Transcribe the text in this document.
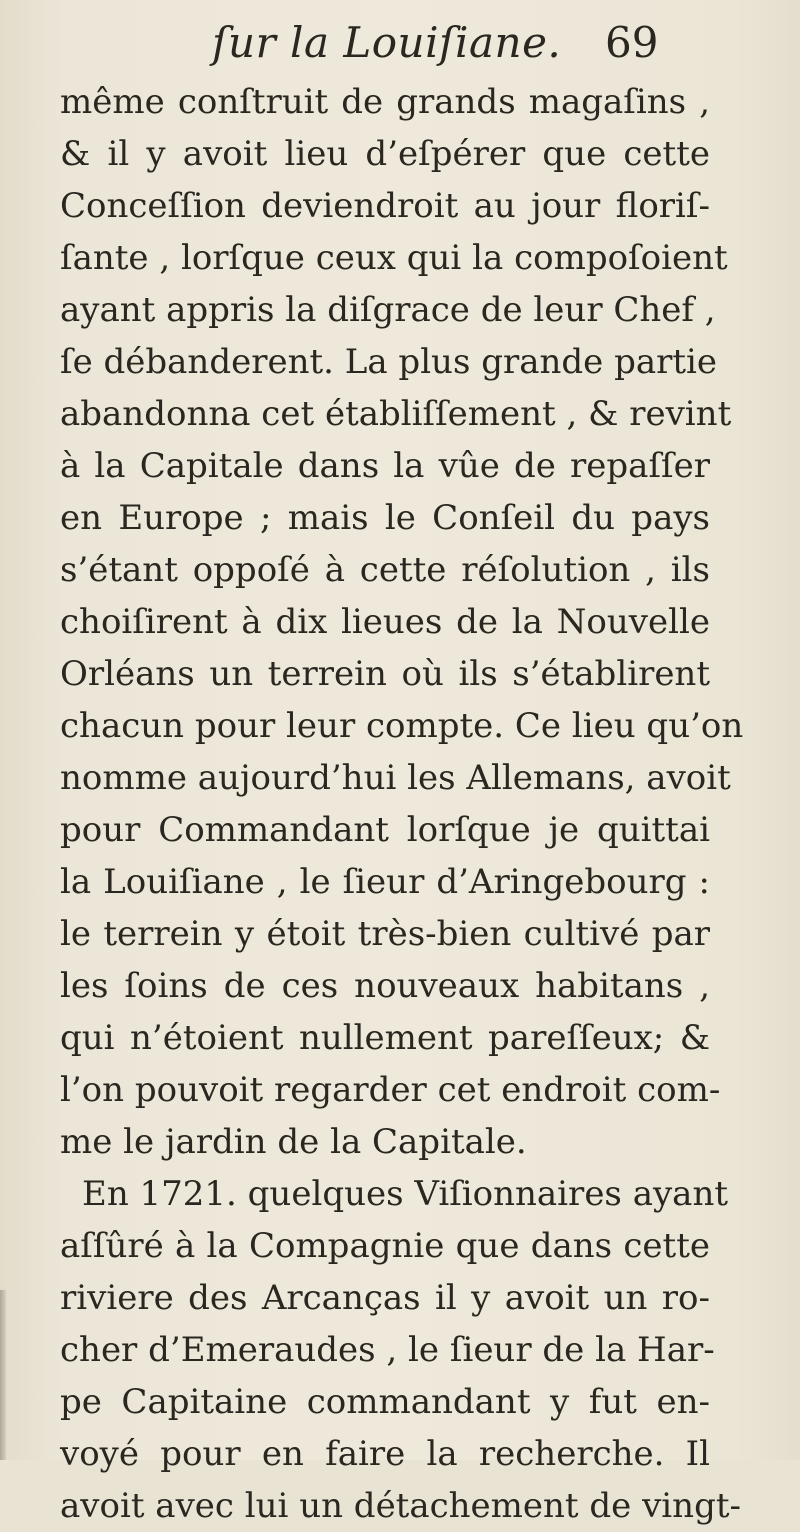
ſur la Louiſiane. 69
même conſtruit de grands magaſins ,
& il y avoit lieu d’eſpérer que cette
Conceſſion deviendroit au jour floriſ-
ſante , lorſque ceux qui la compoſoient
ayant appris la diſgrace de leur Chef ,
ſe débanderent. La plus grande partie
abandonna cet établiſſement , & revint
à la Capitale dans la vûe de repaſſer
en Europe ; mais le Conſeil du pays
s’étant oppoſé à cette réſolution , ils
choiſirent à dix lieues de la Nouvelle
Orléans un terrein où ils s’établirent
chacun pour leur compte. Ce lieu qu’on
nomme aujourd’hui les Allemans, avoit
pour Commandant lorſque je quittai
la Louiſiane , le ſieur d’Aringebourg :
le terrein y étoit très-bien cultivé par
les ſoins de ces nouveaux habitans ,
qui n’étoient nullement pareſſeux; &
l’on pouvoit regarder cet endroit com-
me le jardin de la Capitale.
En 1721. quelques Viſionnaires ayant
aſſûré à la Compagnie que dans cette
riviere des Arcanças il y avoit un ro-
cher d’Emeraudes , le ſieur de la Har-
pe Capitaine commandant y fut en-
voyé pour en faire la recherche. Il
avoit avec lui un détachement de vingt-
